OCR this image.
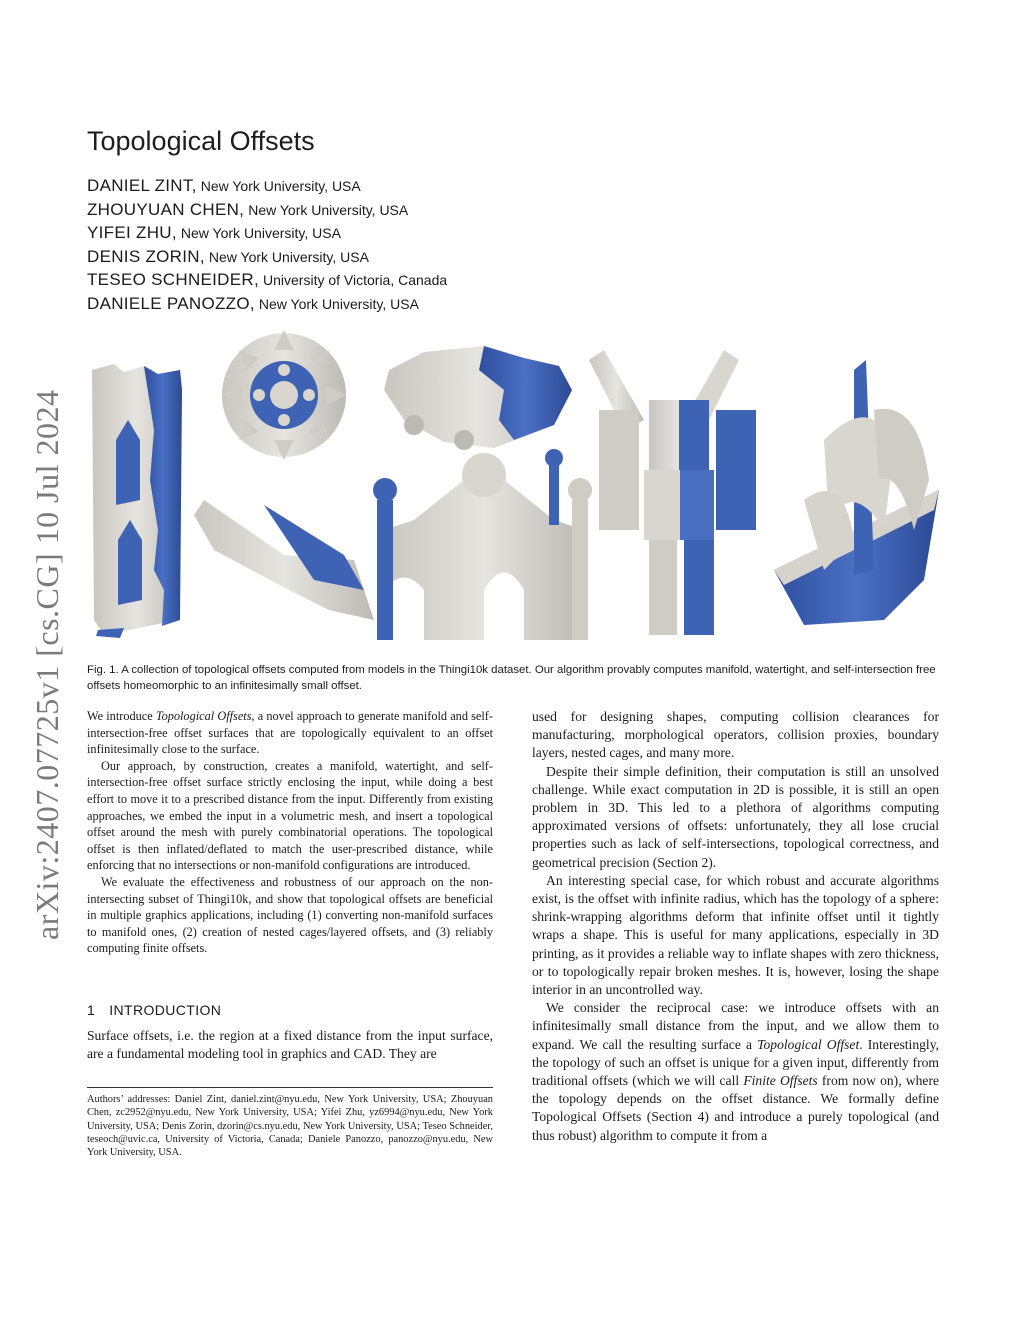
arXiv:2407.07725v1 [cs.CG] 10 Jul 2024
Topological Offsets
DANIEL ZINT, New York University, USA
ZHOUYUAN CHEN, New York University, USA
YIFEI ZHU, New York University, USA
DENIS ZORIN, New York University, USA
TESEO SCHNEIDER, University of Victoria, Canada
DANIELE PANOZZO, New York University, USA
Fig. 1. A collection of topological offsets computed from models in the Thingi10k dataset. Our algorithm provably computes manifold, watertight, and self-intersection free offsets homeomorphic to an infinitesimally small offset.

We introduce Topological Offsets, a novel approach to generate manifold and self-intersection-free offset surfaces that are topologically equivalent to an offset infinitesimally close to the surface.

Our approach, by construction, creates a manifold, watertight, and self-intersection-free offset surface strictly enclosing the input, while doing a best effort to move it to a prescribed distance from the input. Differently from existing approaches, we embed the input in a volumetric mesh, and insert a topological offset around the mesh with purely combinatorial operations. The topological offset is then inflated/deflated to match the user-prescribed distance, while enforcing that no intersections or non-manifold configurations are introduced.

We evaluate the effectiveness and robustness of our approach on the non-intersecting subset of Thingi10k, and show that topological offsets are beneficial in multiple graphics applications, including (1) converting non-manifold surfaces to manifold ones, (2) creation of nested cages/layered offsets, and (3) reliably computing finite offsets.

1 INTRODUCTION
Surface offsets, i.e. the region at a fixed distance from the input surface, are a fundamental modeling tool in graphics and CAD. They are
Authors’ addresses: Daniel Zint, daniel.zint@nyu.edu, New York University, USA; Zhouyuan Chen, zc2952@nyu.edu, New York University, USA; Yifei Zhu, yz6994@nyu.edu, New York University, USA; Denis Zorin, dzorin@cs.nyu.edu, New York University, USA; Teseo Schneider, teseoch@uvic.ca, University of Victoria, Canada; Daniele Panozzo, panozzo@nyu.edu, New York University, USA.

used for designing shapes, computing collision clearances for manufacturing, morphological operators, collision proxies, boundary layers, nested cages, and many more.

Despite their simple definition, their computation is still an unsolved challenge. While exact computation in 2D is possible, it is still an open problem in 3D. This led to a plethora of algorithms computing approximated versions of offsets: unfortunately, they all lose crucial properties such as lack of self-intersections, topological correctness, and geometrical precision (Section 2).

An interesting special case, for which robust and accurate algorithms exist, is the offset with infinite radius, which has the topology of a sphere: shrink-wrapping algorithms deform that infinite offset until it tightly wraps a shape. This is useful for many applications, especially in 3D printing, as it provides a reliable way to inflate shapes with zero thickness, or to topologically repair broken meshes. It is, however, losing the shape interior in an uncontrolled way.

We consider the reciprocal case: we introduce offsets with an infinitesimally small distance from the input, and we allow them to expand. We call the resulting surface a Topological Offset. Interestingly, the topology of such an offset is unique for a given input, differently from traditional offsets (which we will call Finite Offsets from now on), where the topology depends on the offset distance. We formally define Topological Offsets (Section 4) and introduce a purely topological (and thus robust) algorithm to compute it from a
